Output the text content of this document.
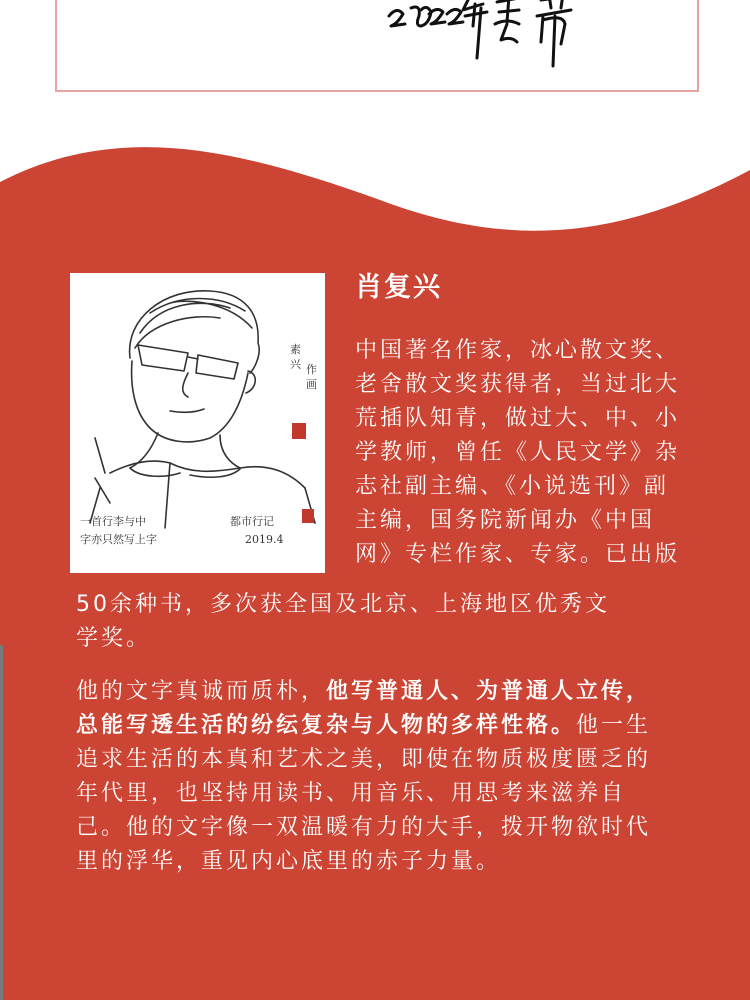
一首行李与中
字亦只然写上字
都市行记
2019.4
素
兴 作
画
肖复兴

中国著名作家，冰心散文奖、

老舍散文奖获得者，当过北大

荒插队知青，做过大、中、小

学教师，曾任《人民文学》杂

志社副主编、《小说选刊》副

主编，国务院新闻办《中国

网》专栏作家、专家。已出版

50余种书，多次获全国及北京、上海地区优秀文

学奖。

他的文字真诚而质朴，他写普通人、为普通人立传，

总能写透生活的纷纭复杂与人物的多样性格。他一生

追求生活的本真和艺术之美，即使在物质极度匮乏的

年代里，也坚持用读书、用音乐、用思考来滋养自

己。他的文字像一双温暖有力的大手，拨开物欲时代

里的浮华，重见内心底里的赤子力量。
